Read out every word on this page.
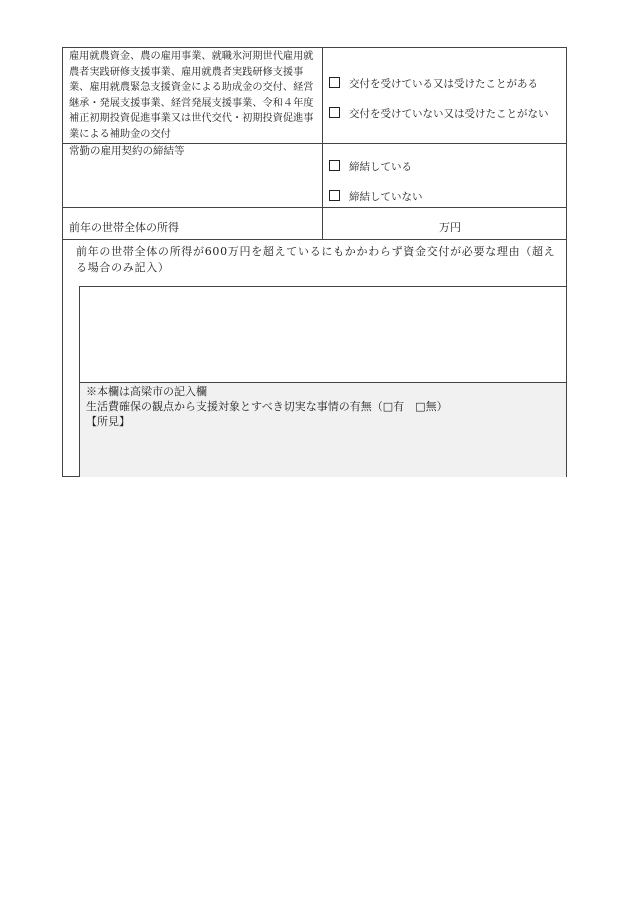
雇用就農資金、農の雇用事業、就職氷河期世代雇用就農者実践研修支援事業、雇用就農者実践研修支援事業、雇用就農緊急支援資金による助成金の交付、経営継承・発展支援事業、経営発展支援事業、令和４年度補正初期投資促進事業又は世代交代・初期投資促進事業による補助金の交付
交付を受けている又は受けたことがある
交付を受けていない又は受けたことがない
常勤の雇用契約の締結等
締結している
締結していない
前年の世帯全体の所得	万円
前年の世帯全体の所得が600万円を超えているにもかかわらず資金交付が必要な理由（超える場合のみ記入）
※本欄は高梁市の記入欄
生活費確保の観点から支援対象とすべき切実な事情の有無（□有　□無）
【所見】
